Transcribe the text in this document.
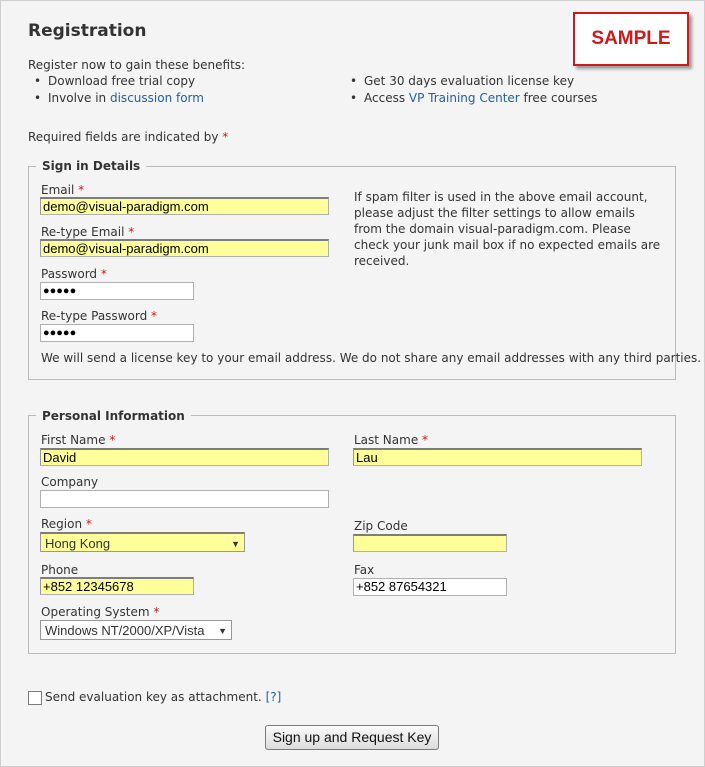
Registration	SAMPLE
Register now to gain these benefits:
• Download free trial copy
• Involve in discussion form
• Get 30 days evaluation license key
• Access VP Training Center free courses
Required fields are indicated by *
Sign in Details
Email *
demo@visual-paradigm.com
Re-type Email *
demo@visual-paradigm.com
Password *
●●●●●
Re-type Password *
●●●●●
If spam filter is used in the above email account, please adjust the filter settings to allow emails from the domain visual-paradigm.com. Please check your junk mail box if no expected emails are received.
We will send a license key to your email address. We do not share any email addresses with any third parties.
Personal Information
First Name *
David
Last Name *
Lau
Company
Region *
Hong Kong	▼
Zip Code
Phone
+852 12345678
Fax
+852 87654321
Operating System *
Windows NT/2000/XP/Vista ▼
Send evaluation key as attachment. [?]
Sign up and Request Key
